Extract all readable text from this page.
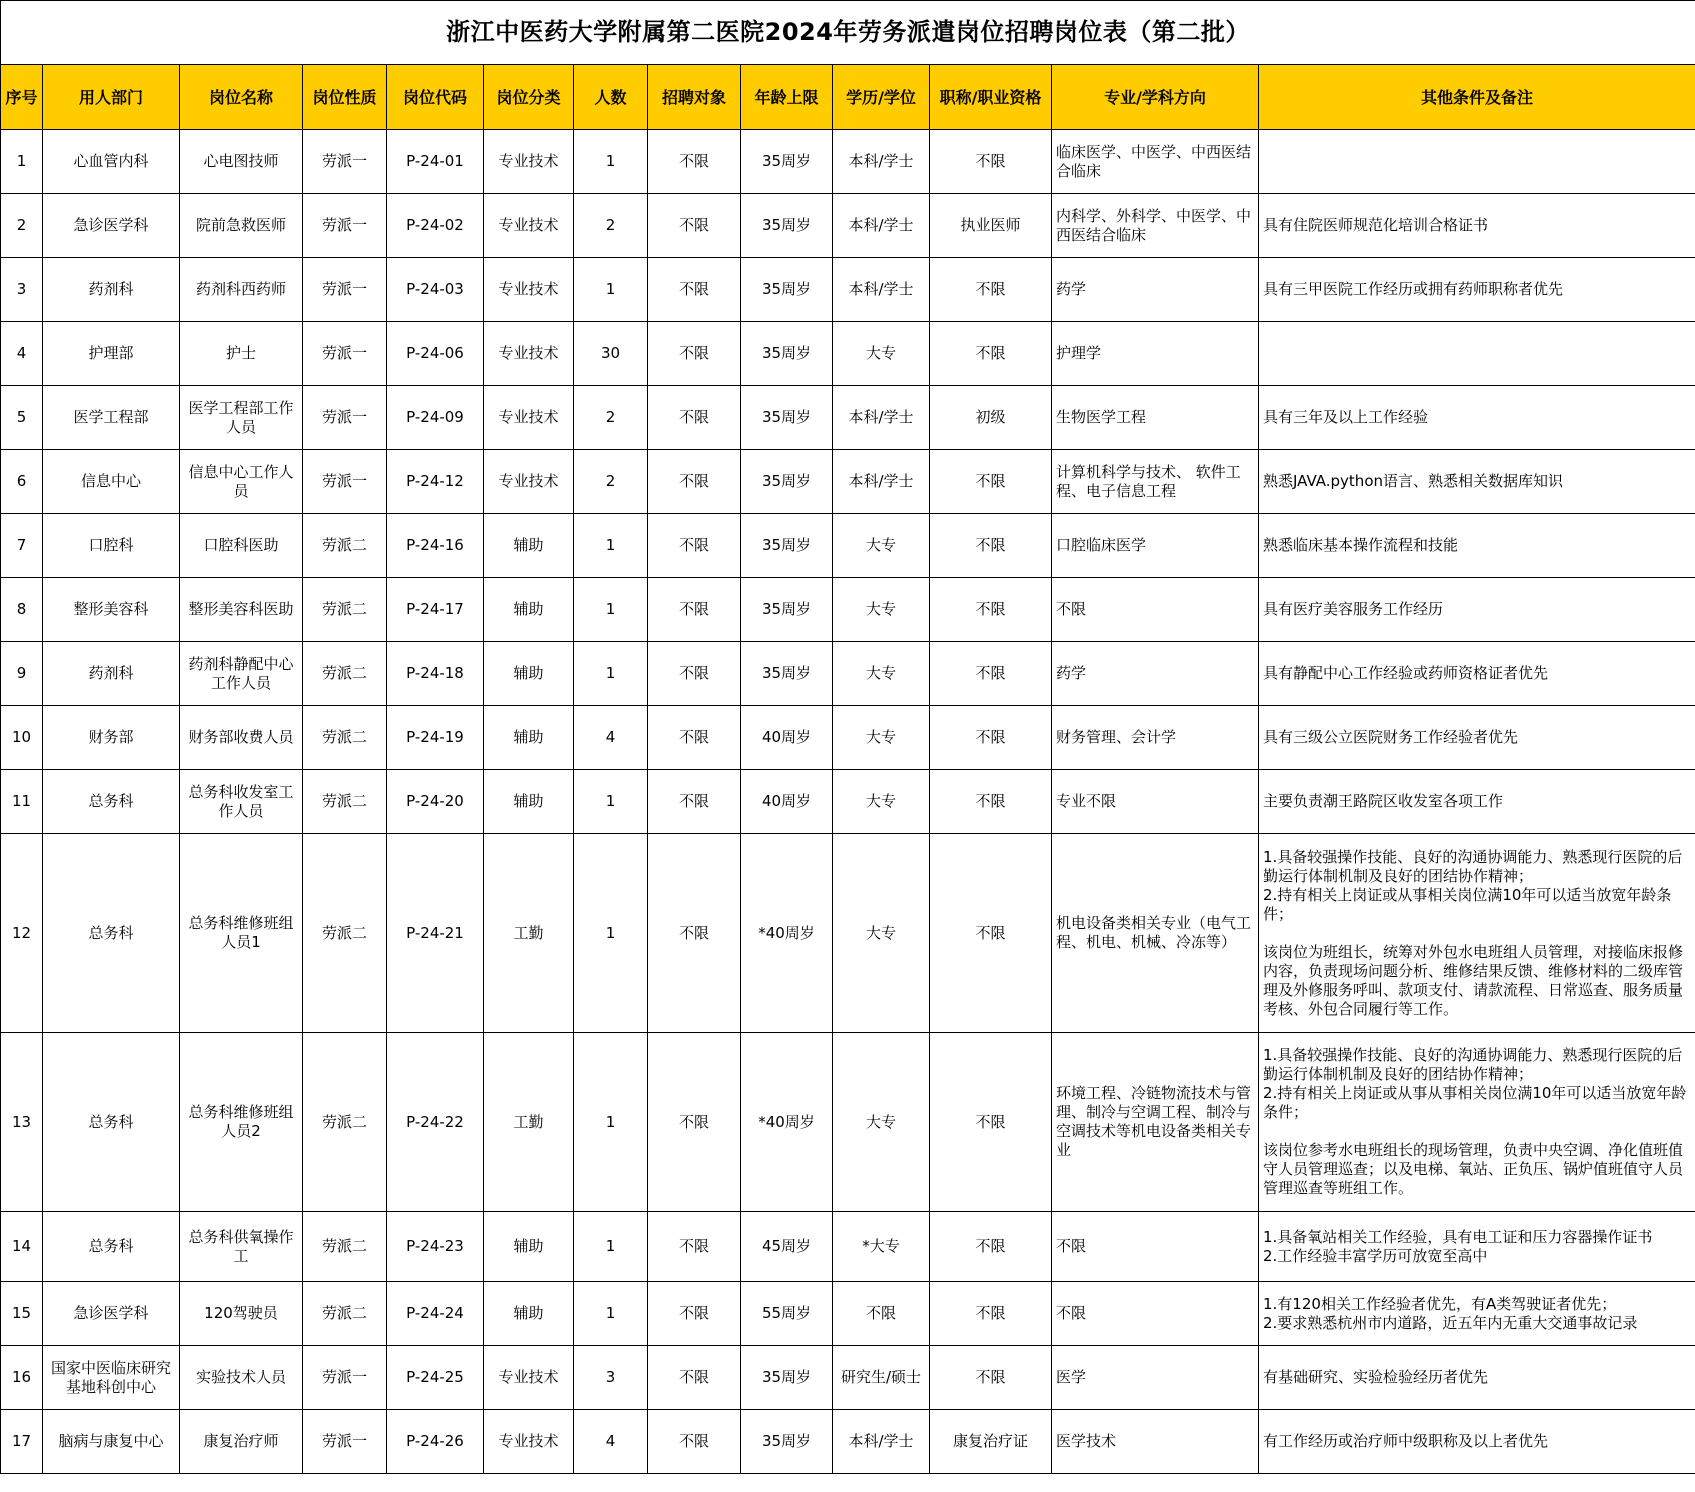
浙江中医药大学附属第二医院2024年劳务派遣岗位招聘岗位表（第二批）												
序号	用人部门	岗位名称	岗位性质	岗位代码	岗位分类	人数	招聘对象	年龄上限	学历/学位	职称/职业资格	专业/学科方向	其他条件及备注
1	心血管内科	心电图技师	劳派一	P-24-01	专业技术	1	不限	35周岁	本科/学士	不限	临床医学、中医学、中西医结合临床	
2	急诊医学科	院前急救医师	劳派一	P-24-02	专业技术	2	不限	35周岁	本科/学士	执业医师	内科学、外科学、中医学、中西医结合临床	具有住院医师规范化培训合格证书
3	药剂科	药剂科西药师	劳派一	P-24-03	专业技术	1	不限	35周岁	本科/学士	不限	药学	具有三甲医院工作经历或拥有药师职称者优先
4	护理部	护士	劳派一	P-24-06	专业技术	30	不限	35周岁	大专	不限	护理学	
5	医学工程部	医学工程部工作人员	劳派一	P-24-09	专业技术	2	不限	35周岁	本科/学士	初级	生物医学工程	具有三年及以上工作经验
6	信息中心	信息中心工作人员	劳派一	P-24-12	专业技术	2	不限	35周岁	本科/学士	不限	计算机科学与技术、 软件工程、电子信息工程	熟悉JAVA.python语言、熟悉相关数据库知识
7	口腔科	口腔科医助	劳派二	P-24-16	辅助	1	不限	35周岁	大专	不限	口腔临床医学	熟悉临床基本操作流程和技能
8	整形美容科	整形美容科医助	劳派二	P-24-17	辅助	1	不限	35周岁	大专	不限	不限	具有医疗美容服务工作经历
9	药剂科	药剂科静配中心工作人员	劳派二	P-24-18	辅助	1	不限	35周岁	大专	不限	药学	具有静配中心工作经验或药师资格证者优先
10	财务部	财务部收费人员	劳派二	P-24-19	辅助	4	不限	40周岁	大专	不限	财务管理、会计学	具有三级公立医院财务工作经验者优先
11	总务科	总务科收发室工作人员	劳派二	P-24-20	辅助	1	不限	40周岁	大专	不限	专业不限	主要负责潮王路院区收发室各项工作
12	总务科	总务科维修班组人员1	劳派二	P-24-21	工勤	1	不限	*40周岁	大专	不限	机电设备类相关专业（电气工程、机电、机械、冷冻等）	1.具备较强操作技能、良好的沟通协调能力、熟悉现行医院的后勤运行体制机制及良好的团结协作精神；
2.持有相关上岗证或从事相关岗位满10年可以适当放宽年龄条件；

该岗位为班组长，统筹对外包水电班组人员管理，对接临床报修内容，负责现场问题分析、维修结果反馈、维修材料的二级库管理及外修服务呼叫、款项支付、请款流程、日常巡查、服务质量考核、外包合同履行等工作。
13	总务科	总务科维修班组人员2	劳派二	P-24-22	工勤	1	不限	*40周岁	大专	不限	环境工程、冷链物流技术与管理、制冷与空调工程、制冷与空调技术等机电设备类相关专业	1.具备较强操作技能、良好的沟通协调能力、熟悉现行医院的后勤运行体制机制及良好的团结协作精神；
2.持有相关上岗证或从事从事相关岗位满10年可以适当放宽年龄条件；

该岗位参考水电班组长的现场管理，负责中央空调、净化值班值守人员管理巡查；以及电梯、氧站、正负压、锅炉值班值守人员管理巡查等班组工作。
14	总务科	总务科供氧操作工	劳派二	P-24-23	辅助	1	不限	45周岁	*大专	不限	不限	1.具备氧站相关工作经验，具有电工证和压力容器操作证书
2.工作经验丰富学历可放宽至高中
15	急诊医学科	120驾驶员	劳派二	P-24-24	辅助	1	不限	55周岁	不限	不限	不限	1.有120相关工作经验者优先，有A类驾驶证者优先；
2.要求熟悉杭州市内道路，近五年内无重大交通事故记录
16	国家中医临床研究基地科创中心	实验技术人员	劳派一	P-24-25	专业技术	3	不限	35周岁	研究生/硕士	不限	医学	有基础研究、实验检验经历者优先
17	脑病与康复中心	康复治疗师	劳派一	P-24-26	专业技术	4	不限	35周岁	本科/学士	康复治疗证	医学技术	有工作经历或治疗师中级职称及以上者优先
